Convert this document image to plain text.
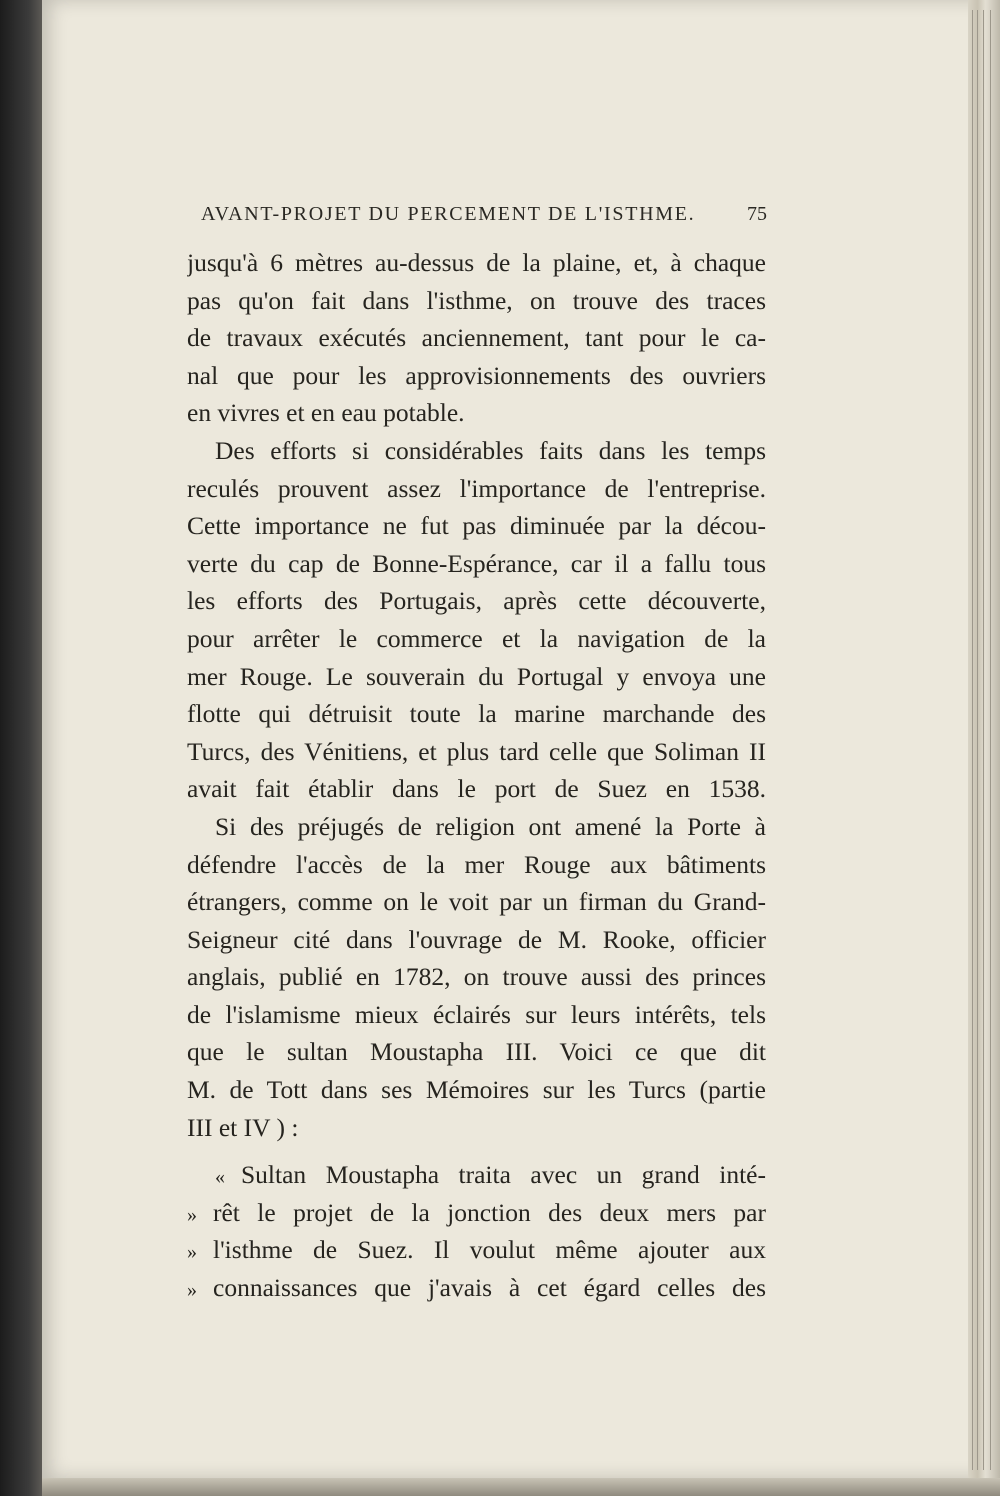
AVANT-PROJET DU PERCEMENT DE L'ISTHME.	75
jusqu'à 6 mètres au-dessus de la plaine, et, à chaque
pas qu'on fait dans l'isthme, on trouve des traces
de travaux exécutés anciennement, tant pour le ca-
nal que pour les approvisionnements des ouvriers
en vivres et en eau potable.
Des efforts si considérables faits dans les temps
reculés prouvent assez l'importance de l'entreprise.
Cette importance ne fut pas diminuée par la décou-
verte du cap de Bonne-Espérance, car il a fallu tous
les efforts des Portugais, après cette découverte,
pour arrêter le commerce et la navigation de la
mer Rouge. Le souverain du Portugal y envoya une
flotte qui détruisit toute la marine marchande des
Turcs, des Vénitiens, et plus tard celle que Soliman II
avait fait établir dans le port de Suez en 1538.
Si des préjugés de religion ont amené la Porte à
défendre l'accès de la mer Rouge aux bâtiments
étrangers, comme on le voit par un firman du Grand-
Seigneur cité dans l'ouvrage de M. Rooke, officier
anglais, publié en 1782, on trouve aussi des princes
de l'islamisme mieux éclairés sur leurs intérêts, tels
que le sultan Moustapha III. Voici ce que dit
M. de Tott dans ses Mémoires sur les Turcs (partie
III et IV ) :
« Sultan Moustapha traita avec un grand inté-
» rêt le projet de la jonction des deux mers par
» l'isthme de Suez. Il voulut même ajouter aux
» connaissances que j'avais à cet égard celles des
